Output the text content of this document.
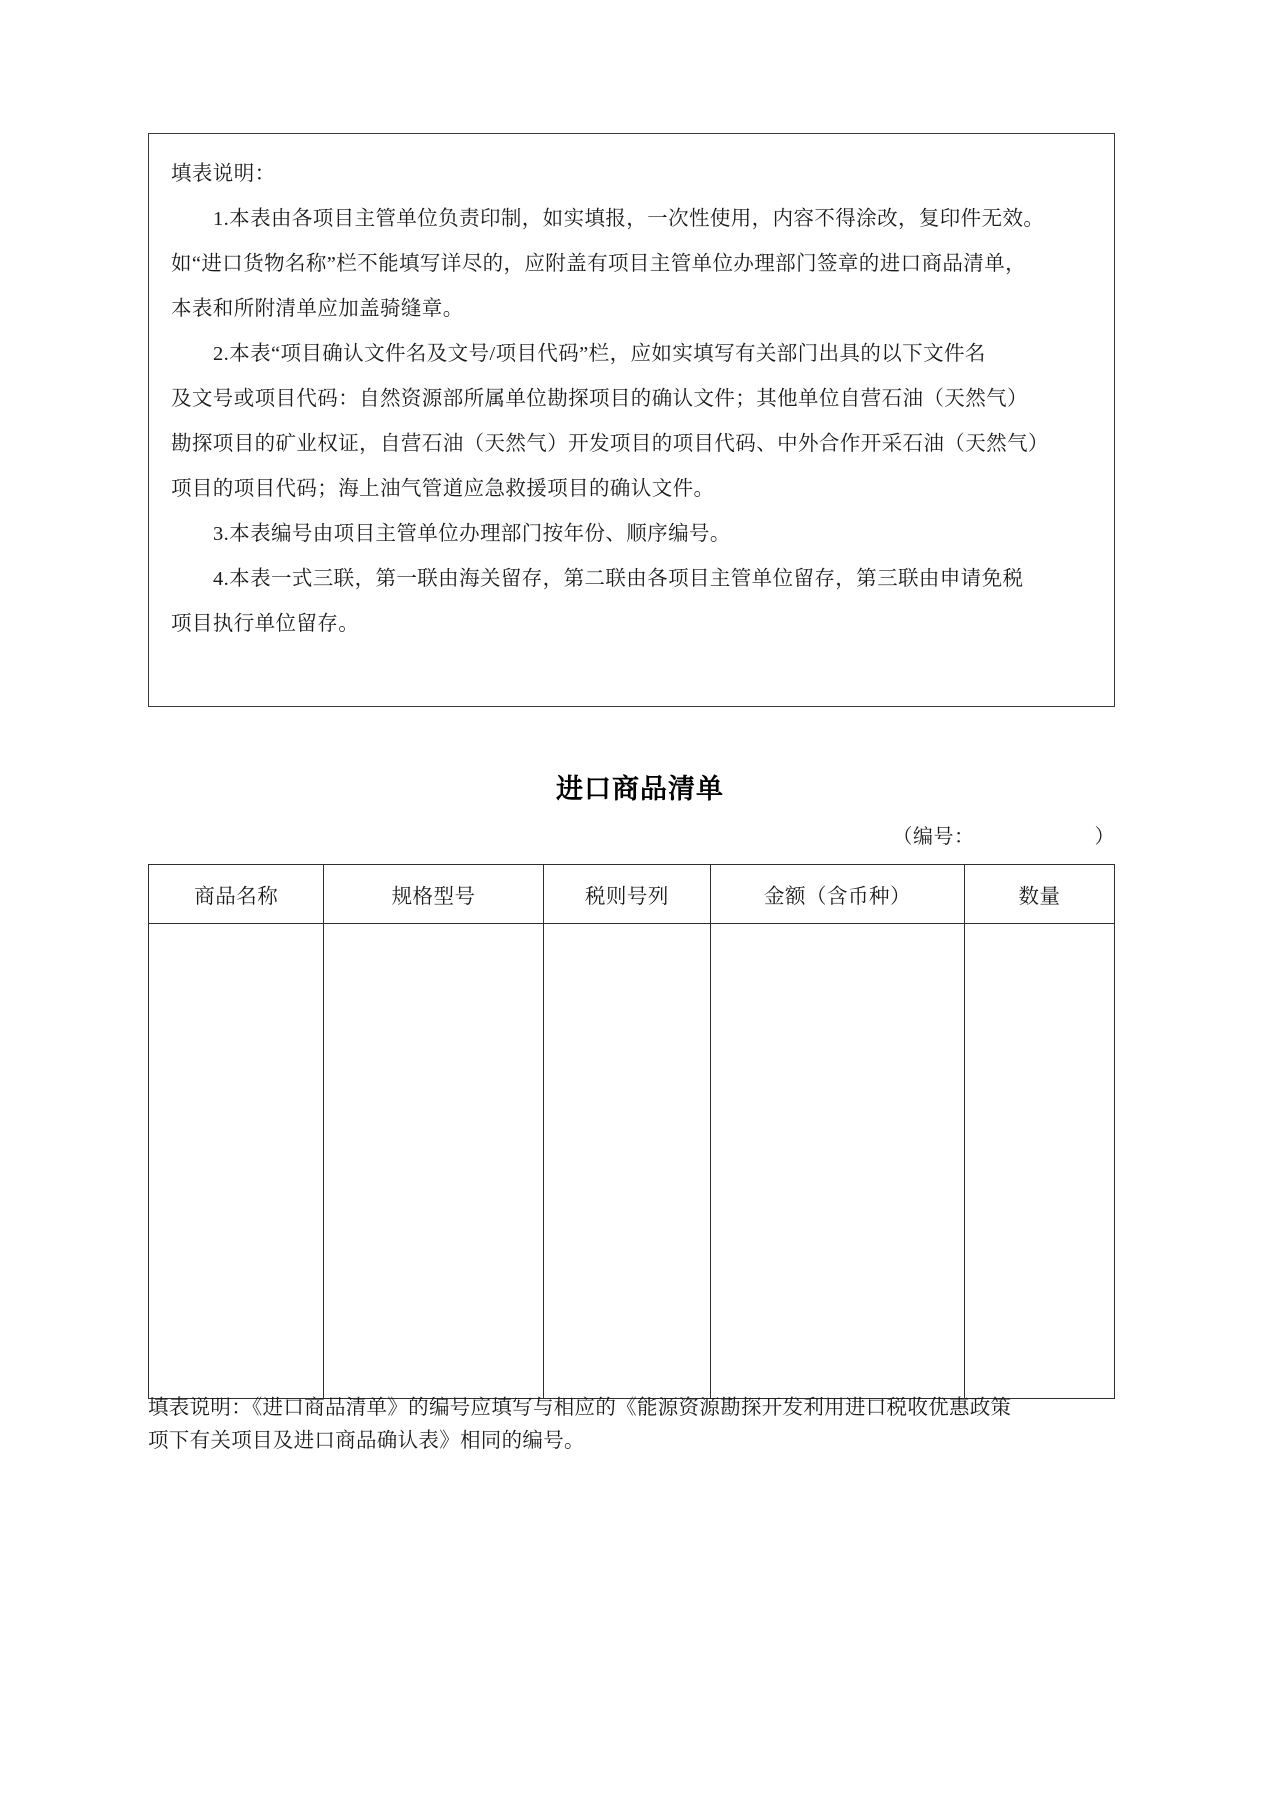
填表说明：
1.本表由各项目主管单位负责印制，如实填报，一次性使用，内容不得涂改，复印件无效。
如“进口货物名称”栏不能填写详尽的，应附盖有项目主管单位办理部门签章的进口商品清单，
本表和所附清单应加盖骑缝章。
2.本表“项目确认文件名及文号/项目代码”栏，应如实填写有关部门出具的以下文件名
及文号或项目代码：自然资源部所属单位勘探项目的确认文件；其他单位自营石油（天然气）
勘探项目的矿业权证，自营石油（天然气）开发项目的项目代码、中外合作开采石油（天然气）
项目的项目代码；海上油气管道应急救援项目的确认文件。
3.本表编号由项目主管单位办理部门按年份、顺序编号。
4.本表一式三联，第一联由海关留存，第二联由各项目主管单位留存，第三联由申请免税
项目执行单位留存。
进口商品清单
（编号：	）
商品名称	规格型号	税则号列	金额（含币种）	数量

填表说明：《进口商品清单》的编号应填写与相应的《能源资源勘探开发利用进口税收优惠政策
项下有关项目及进口商品确认表》相同的编号。
